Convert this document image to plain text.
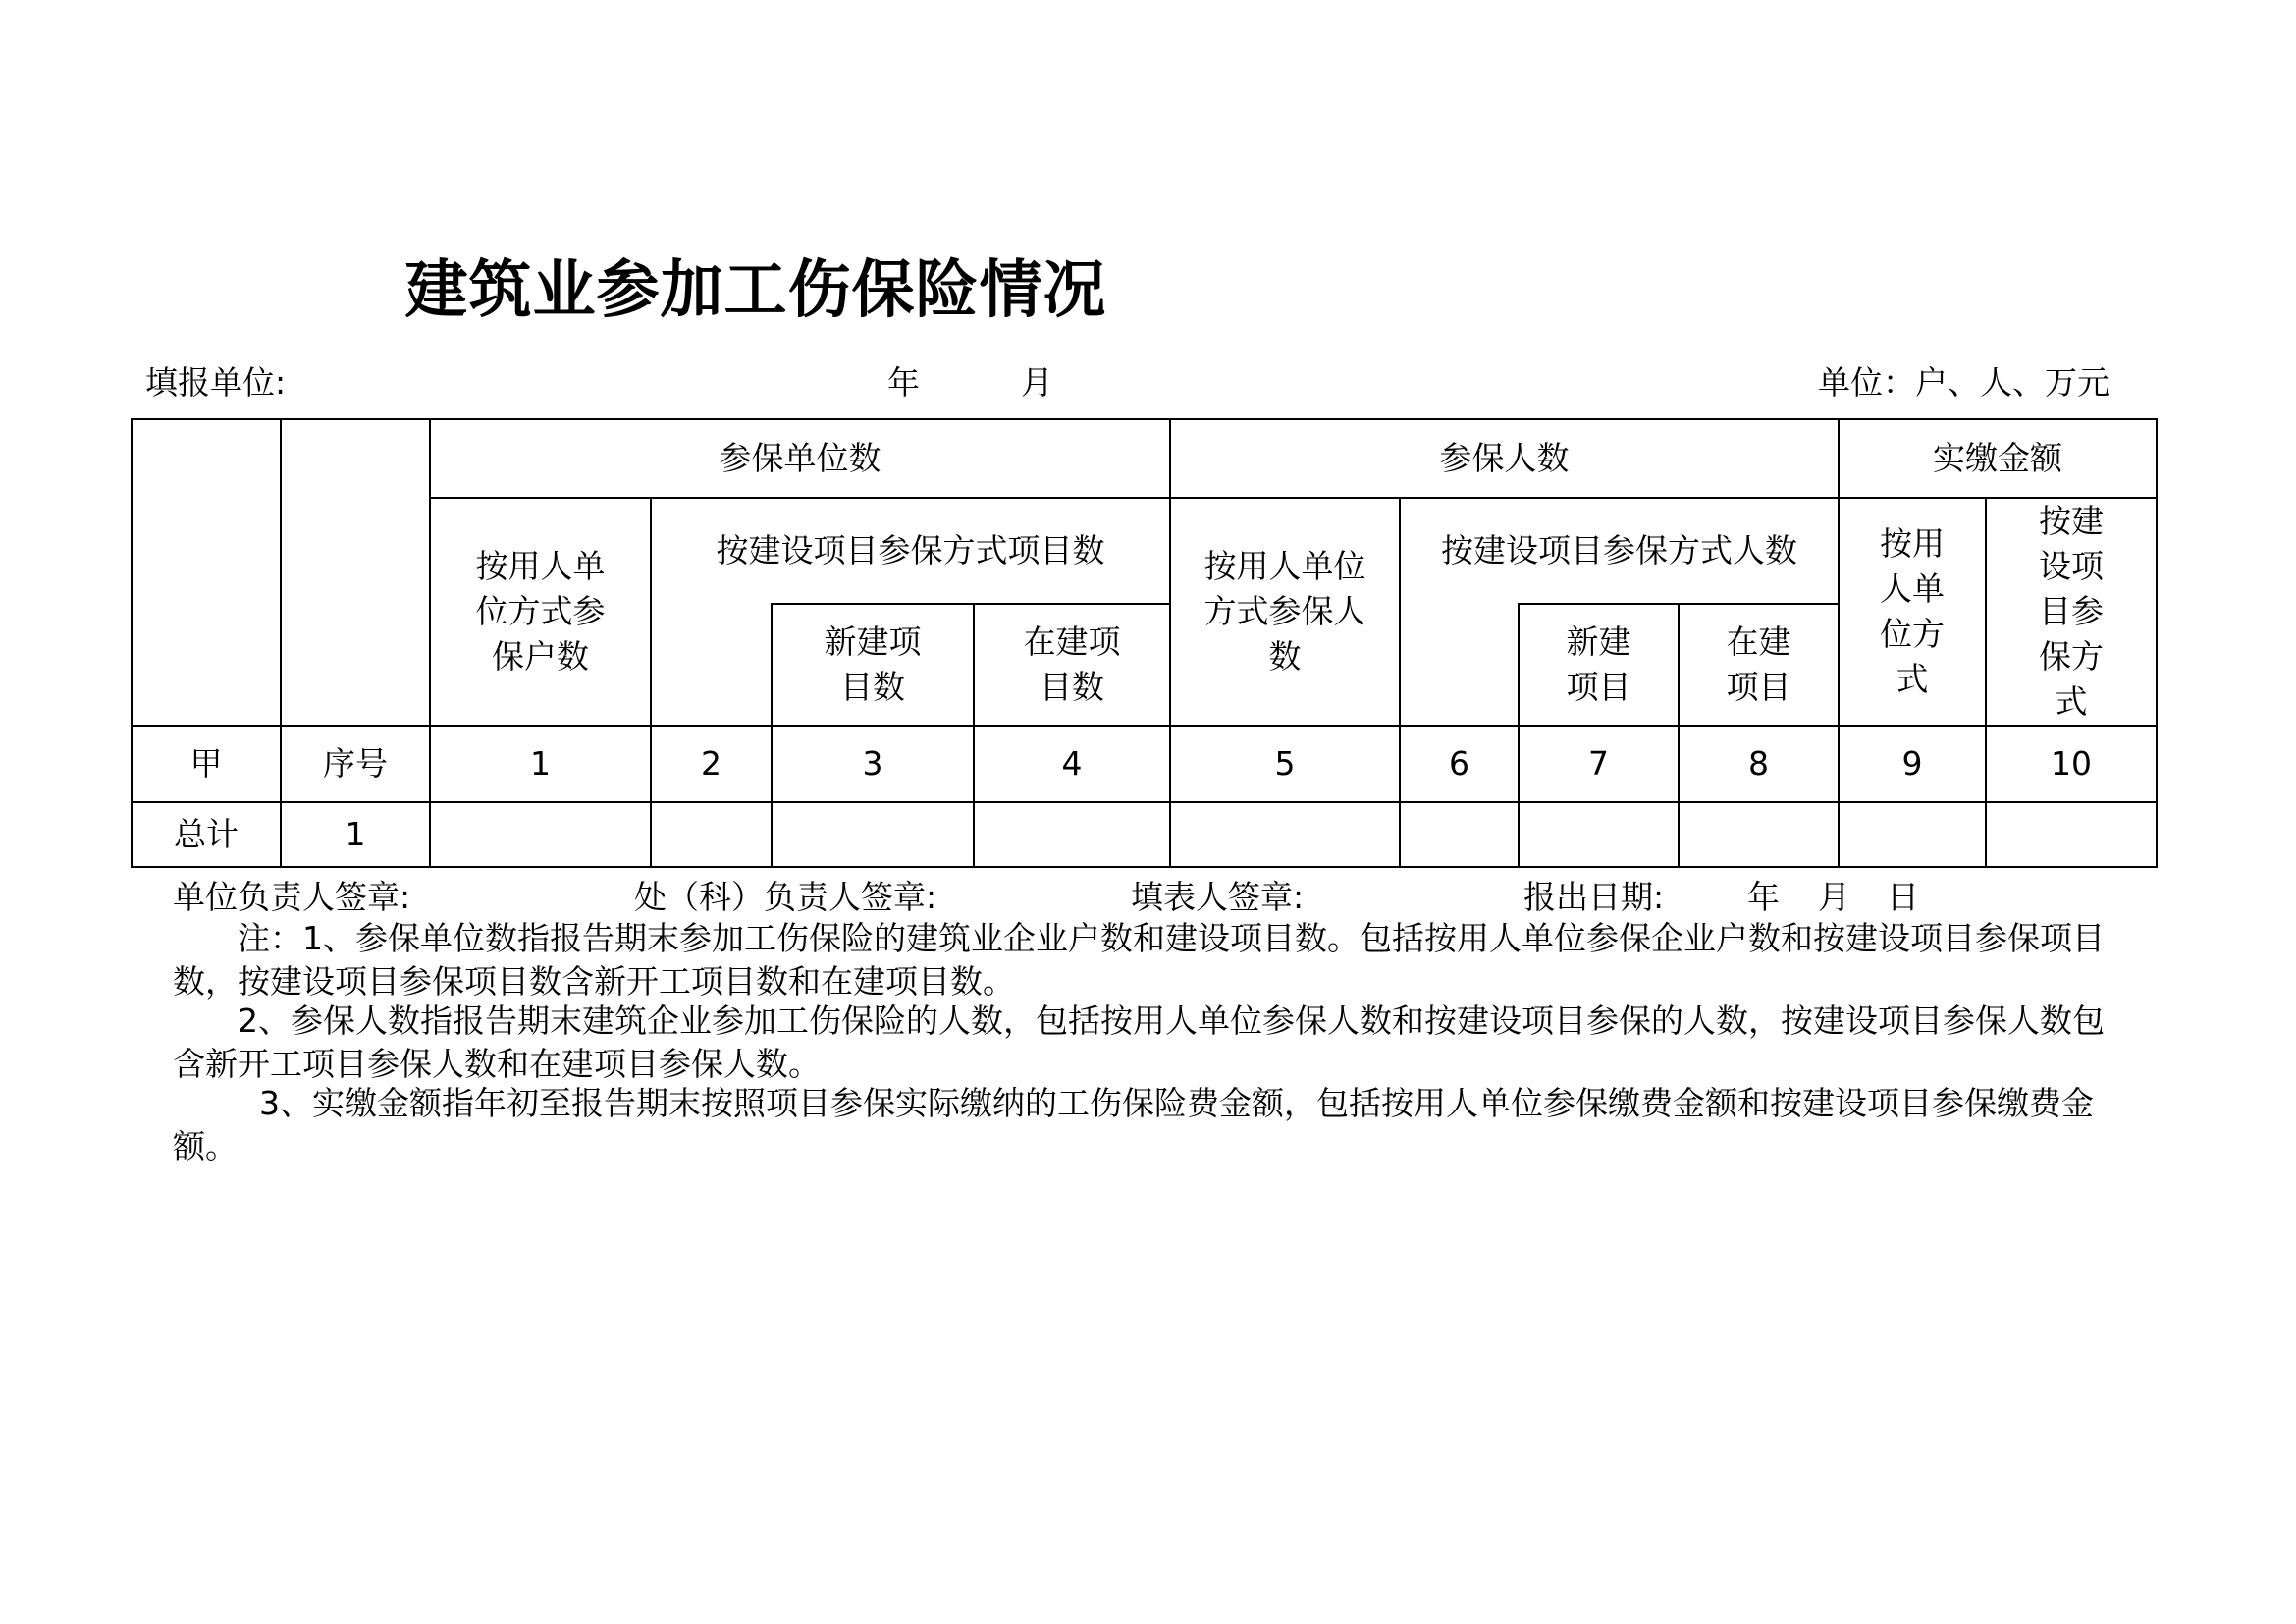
建筑业参加工伤保险情况
填报单位:	年	月	单位：户、人、万元
		参保单位数				参保人数				实缴金额	
		按用人单位方式参保户数	按建设项目参保方式项目数			按用人单位方式参保人数	按建设项目参保方式人数			按用人单位方式	按建设项目参保方式
				新建项目数	在建项目数			新建项目	在建项目		
甲	序号	1	2	3	4	5	6	7	8	9	10
总计	1										
单位负责人签章:	处（科）负责人签章:	填表人签章:	报出日期:	年 月 日
注：1、参保单位数指报告期末参加工伤保险的建筑业企业户数和建设项目数。包括按用人单位参保企业户数和按建设项目参保项目数，按建设项目参保项目数含新开工项目数和在建项目数。
2、参保人数指报告期末建筑企业参加工伤保险的人数，包括按用人单位参保人数和按建设项目参保的人数，按建设项目参保人数包含新开工项目参保人数和在建项目参保人数。
3、实缴金额指年初至报告期末按照项目参保实际缴纳的工伤保险费金额，包括按用人单位参保缴费金额和按建设项目参保缴费金额。
